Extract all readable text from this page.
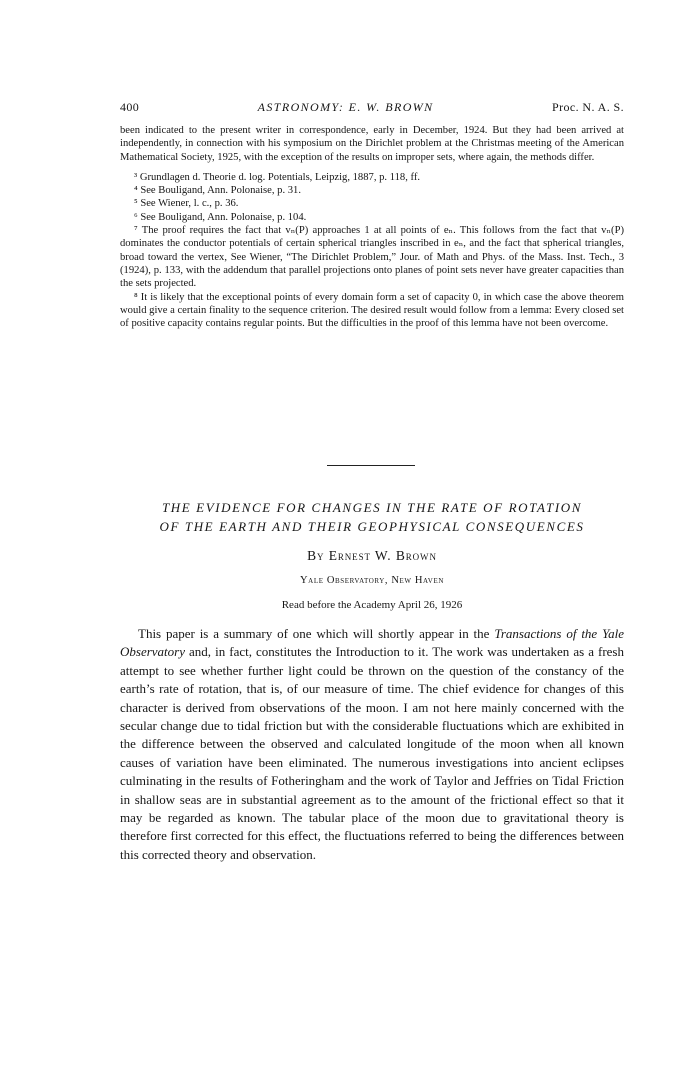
400	ASTRONOMY: E. W. BROWN	Proc. N. A. S.

been indicated to the present writer in correspondence, early in December, 1924. But they had been arrived at independently, in connection with his symposium on the Dirichlet problem at the Christmas meeting of the American Mathematical Society, 1925, with the exception of the results on improper sets, where again, the methods differ.

³ Grundlagen d. Theorie d. log. Potentials, Leipzig, 1887, p. 118, ff.

⁴ See Bouligand, Ann. Polonaise, p. 31.

⁵ See Wiener, l. c., p. 36.

⁶ See Bouligand, Ann. Polonaise, p. 104.

⁷ The proof requires the fact that vₙ(P) approaches 1 at all points of eₙ. This follows from the fact that vₙ(P) dominates the conductor potentials of certain spherical triangles inscribed in eₙ, and the fact that spherical triangles, broad toward the vertex, See Wiener, “The Dirichlet Problem,” Jour. of Math and Phys. of the Mass. Inst. Tech., 3 (1924), p. 133, with the addendum that parallel projections onto planes of point sets never have greater capacities than the sets projected.

⁸ It is likely that the exceptional points of every domain form a set of capacity 0, in which case the above theorem would give a certain finality to the sequence criterion. The desired result would follow from a lemma: Every closed set of positive capacity contains regular points. But the difficulties in the proof of this lemma have not been overcome.

THE EVIDENCE FOR CHANGES IN THE RATE OF ROTATION
OF THE EARTH AND THEIR GEOPHYSICAL CONSEQUENCES
By Ernest W. Brown
Yale Observatory, New Haven
Read before the Academy April 26, 1926

This paper is a summary of one which will shortly appear in the Transactions of the Yale Observatory and, in fact, constitutes the Introduction to it. The work was undertaken as a fresh attempt to see whether further light could be thrown on the question of the constancy of the earth’s rate of rotation, that is, of our measure of time. The chief evidence for changes of this character is derived from observations of the moon. I am not here mainly concerned with the secular change due to tidal friction but with the considerable fluctuations which are exhibited in the difference between the observed and calculated longitude of the moon when all known causes of variation have been eliminated. The numerous investigations into ancient eclipses culminating in the results of Fotheringham and the work of Taylor and Jeffries on Tidal Friction in shallow seas are in substantial agreement as to the amount of the frictional effect so that it may be regarded as known. The tabular place of the moon due to gravitational theory is therefore first corrected for this effect, the fluctuations referred to being the differences between this corrected theory and observation.
